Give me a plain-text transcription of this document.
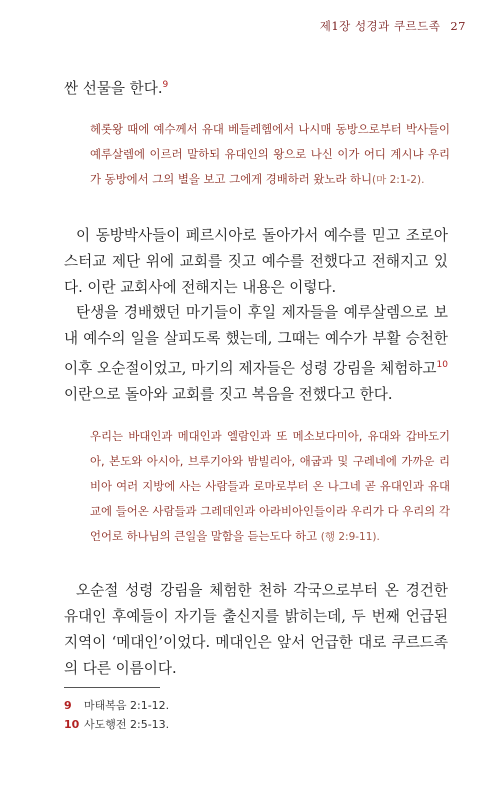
제1장 성경과 쿠르드족 27
싼 선물을 한다.$^9$
헤롯왕 때에 예수께서 유대 베들레헴에서 나시매 동방으로부터 박사들이 예루살렘에 이르러 말하되 유대인의 왕으로 나신 이가 어디 계시냐 우리가 동방에서 그의 별을 보고 그에게 경배하러 왔노라 하니(마 2:1-2).
이 동방박사들이 페르시아로 돌아가서 예수를 믿고 조로아스터교 제단 위에 교회를 짓고 예수를 전했다고 전해지고 있다. 이란 교회사에 전해지는 내용은 이렇다.
탄생을 경배했던 마기들이 후일 제자들을 예루살렘으로 보내 예수의 일을 살피도록 했는데, 그때는 예수가 부활 승천한 이후 오순절이었고, 마기의 제자들은 성령 강림을 체험하고$^{10}$ 이란으로 돌아와 교회를 짓고 복음을 전했다고 한다.
우리는 바대인과 메대인과 엘람인과 또 메소보다미아, 유대와 갑바도기아, 본도와 아시아, 브루기아와 밤빌리아, 애굽과 및 구레네에 가까운 리비아 여러 지방에 사는 사람들과 로마로부터 온 나그네 곧 유대인과 유대교에 들어온 사람들과 그레데인과 아라비아인들이라 우리가 다 우리의 각 언어로 하나님의 큰일을 말함을 듣는도다 하고 (행 2:9-11).
오순절 성령 강림을 체험한 천하 각국으로부터 온 경건한 유대인 후예들이 자기들 출신지를 밝히는데, 두 번째 언급된 지역이 ‘메대인’이었다. 메대인은 앞서 언급한 대로 쿠르드족의 다른 이름이다.
9 마태복음 2:1-12.
10 사도행전 2:5-13.
